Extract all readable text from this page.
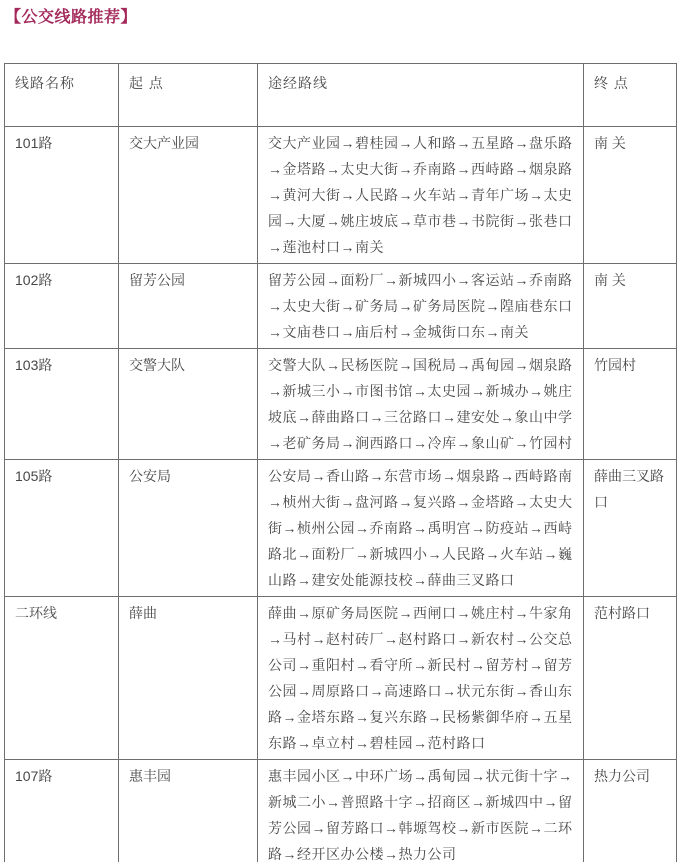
【公交线路推荐】
线路名称	起 点	途经路线	终 点
101路	交大产业园	交大产业园→碧桂园→人和路→五星路→盘乐路→金塔路→太史大街→乔南路→西峙路→烟泉路→黄河大街→人民路→火车站→青年广场→太史园→大厦→姚庄坡底→草市巷→书院街→张巷口→莲池村口→南关	南 关
102路	留芳公园	留芳公园→面粉厂→新城四小→客运站→乔南路→太史大街→矿务局→矿务局医院→隍庙巷东口→文庙巷口→庙后村→金城街口东→南关	南 关
103路	交警大队	交警大队→民杨医院→国税局→禹甸园→烟泉路→新城三小→市图书馆→太史园→新城办→姚庄坡底→薛曲路口→三岔路口→建安处→象山中学→老矿务局→涧西路口→冷库→象山矿→竹园村	竹园村
105路	公安局	公安局→香山路→东营市场→烟泉路→西峙路南→桢州大街→盘河路→复兴路→金塔路→太史大街→桢州公园→乔南路→禹明宫→防疫站→西峙路北→面粉厂→新城四小→人民路→火车站→巍山路→建安处能源技校→薛曲三叉路口	薛曲三叉路口
二环线	薛曲	薛曲→原矿务局医院→西闸口→姚庄村→牛家角→马村→赵村砖厂→赵村路口→新农村→公交总公司→重阳村→看守所→新民村→留芳村→留芳公园→周原路口→高速路口→状元东街→香山东路→金塔东路→复兴东路→民杨紫御华府→五星东路→卓立村→碧桂园→范村路口	范村路口
107路	惠丰园	惠丰园小区→中环广场→禹甸园→状元街十字→新城二小→普照路十字→招商区→新城四中→留芳公园→留芳路口→韩塬驾校→新市医院→二环路→经开区办公楼→热力公司	热力公司
